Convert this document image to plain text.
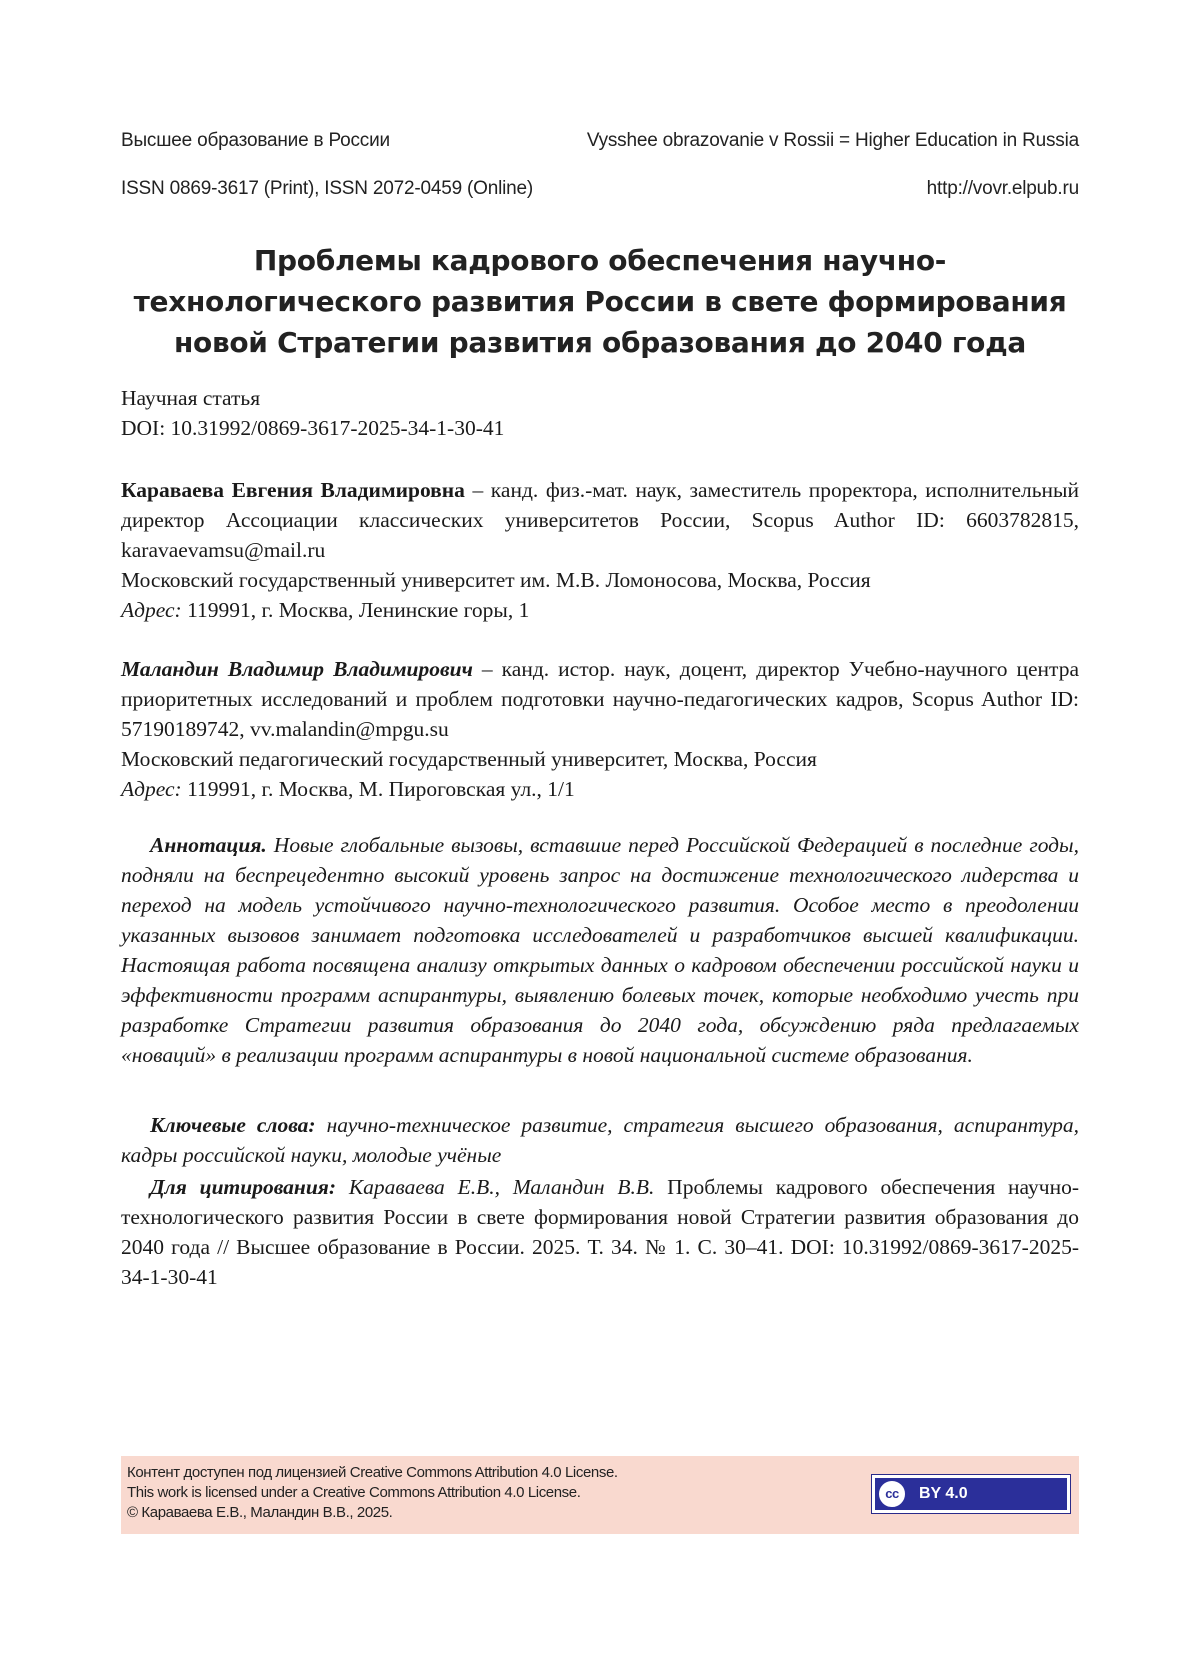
Высшее образование в России	Vysshee obrazovanie v Rossii = Higher Education in Russia
ISSN 0869-3617 (Print), ISSN 2072-0459 (Online)	http://vovr.elpub.ru
Проблемы кадрового обеспечения научно-технологического развития России в свете формирования новой Стратегии развития образования до 2040 года
Научная статья
DOI: 10.31992/0869-3617-2025-34-1-30-41
Караваева Евгения Владимировна – канд. физ.-мат. наук, заместитель проректора, исполнительный директор Ассоциации классических университетов России, Scopus Author ID: 6603782815, karavaevamsu@mail.ru
Московский государственный университет им. М.В. Ломоносова, Москва, Россия
Адрес: 119991, г. Москва, Ленинские горы, 1
Маландин Владимир Владимирович – канд. истор. наук, доцент, директор Учебно-научного центра приоритетных исследований и проблем подготовки научно-педагогических кадров, Scopus Author ID: 57190189742, vv.malandin@mpgu.su
Московский педагогический государственный университет, Москва, Россия
Адрес: 119991, г. Москва, М. Пироговская ул., 1/1

Аннотация. Новые глобальные вызовы, вставшие перед Российской Федерацией в последние годы, подняли на беспрецедентно высокий уровень запрос на достижение технологического лидерства и переход на модель устойчивого научно-технологического развития. Особое место в преодолении указанных вызовов занимает подготовка исследователей и разработчиков высшей квалификации. Настоящая работа посвящена анализу открытых данных о кадровом обеспечении российской науки и эффективности программ аспирантуры, выявлению болевых точек, которые необходимо учесть при разработке Стратегии развития образования до 2040 года, обсуждению ряда предлагаемых «новаций» в реализации программ аспирантуры в новой национальной системе образования.

Ключевые слова: научно-техническое развитие, стратегия высшего образования, аспирантура, кадры российской науки, молодые учёные

Для цитирования: Караваева Е.В., Маландин В.В. Проблемы кадрового обеспечения научно-технологического развития России в свете формирования новой Стратегии развития образования до 2040 года // Высшее образование в России. 2025. Т. 34. № 1. С. 30–41. DOI: 10.31992/0869-3617-2025-34-1-30-41

Контент доступен под лицензией Creative Commons Attribution 4.0 License.
This work is licensed under a Creative Commons Attribution 4.0 License.
© Караваева Е.В., Маландин В.В., 2025.
cc	BY 4.0
